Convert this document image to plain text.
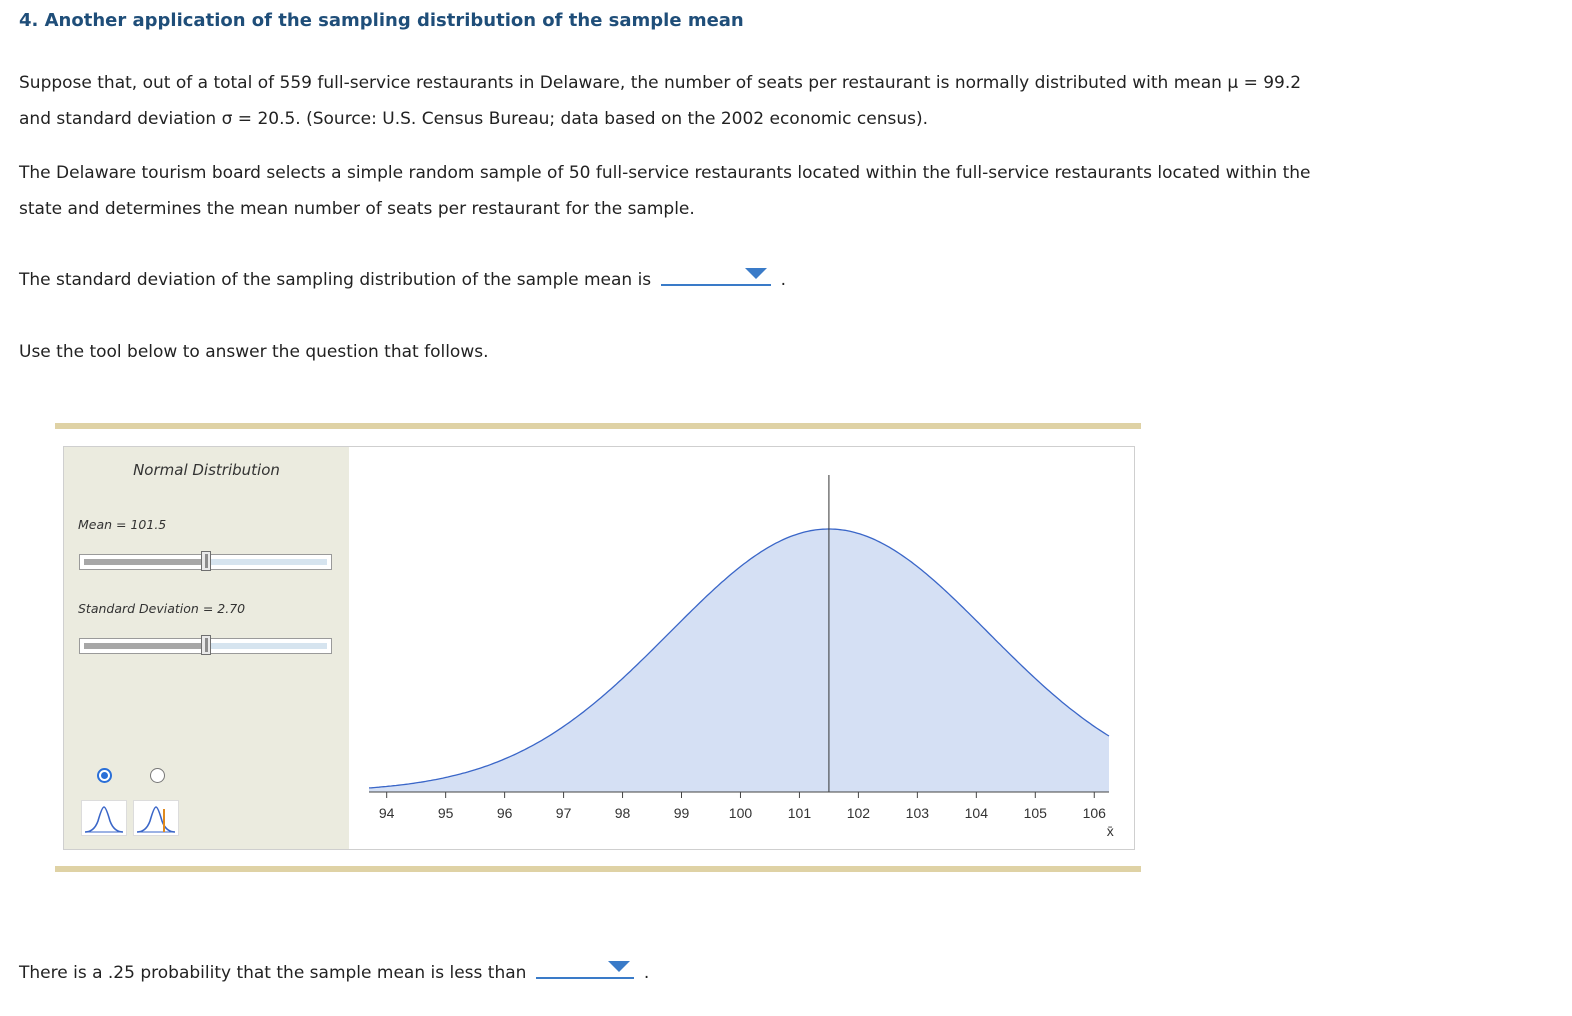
4. Another application of the sampling distribution of the sample mean
Suppose that, out of a total of 559 full-service restaurants in Delaware, the number of seats per restaurant is normally distributed with mean μ = 99.2
and standard deviation σ = 20.5. (Source: U.S. Census Bureau; data based on the 2002 economic census).
The Delaware tourism board selects a simple random sample of 50 full-service restaurants located within the full-service restaurants located within the
state and determines the mean number of seats per restaurant for the sample.
The standard deviation of the sampling distribution of the sample mean is	.
Use the tool below to answer the question that follows.
Normal Distribution
Mean = 101.5
Standard Deviation = 2.70
94	95	96	97	98	99	100	101	102	103	104	105	106
x̄
There is a .25 probability that the sample mean is less than	.
